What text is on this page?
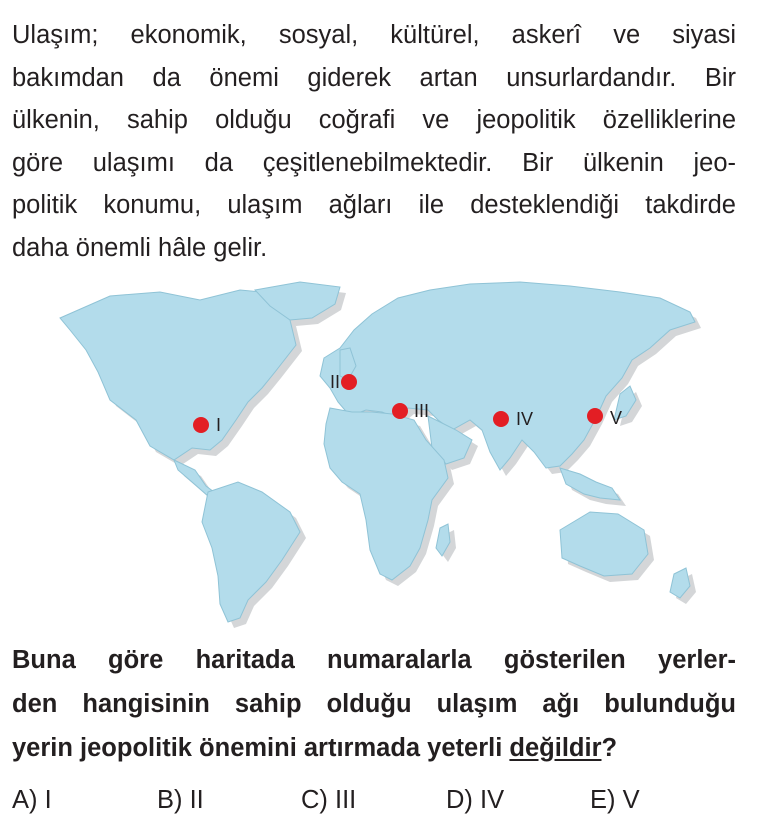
Ulaşım; ekonomik, sosyal, kültürel, askerî ve siyasi
bakımdan da önemi giderek artan unsurlardandır. Bir
ülkenin, sahip olduğu coğrafi ve jeopolitik özelliklerine
göre ulaşımı da çeşitlenebilmektedir. Bir ülkenin jeo-
politik konumu, ulaşım ağları ile desteklendiği takdirde
daha önemli hâle gelir.
I
II
III	IV	V
Buna göre haritada numaralarla gösterilen yerler-
den hangisinin sahip olduğu ulaşım ağı bulunduğu
yerin jeopolitik önemini artırmada yeterli değildir?
A) I	B) II	C) III	D) IV	E) V
